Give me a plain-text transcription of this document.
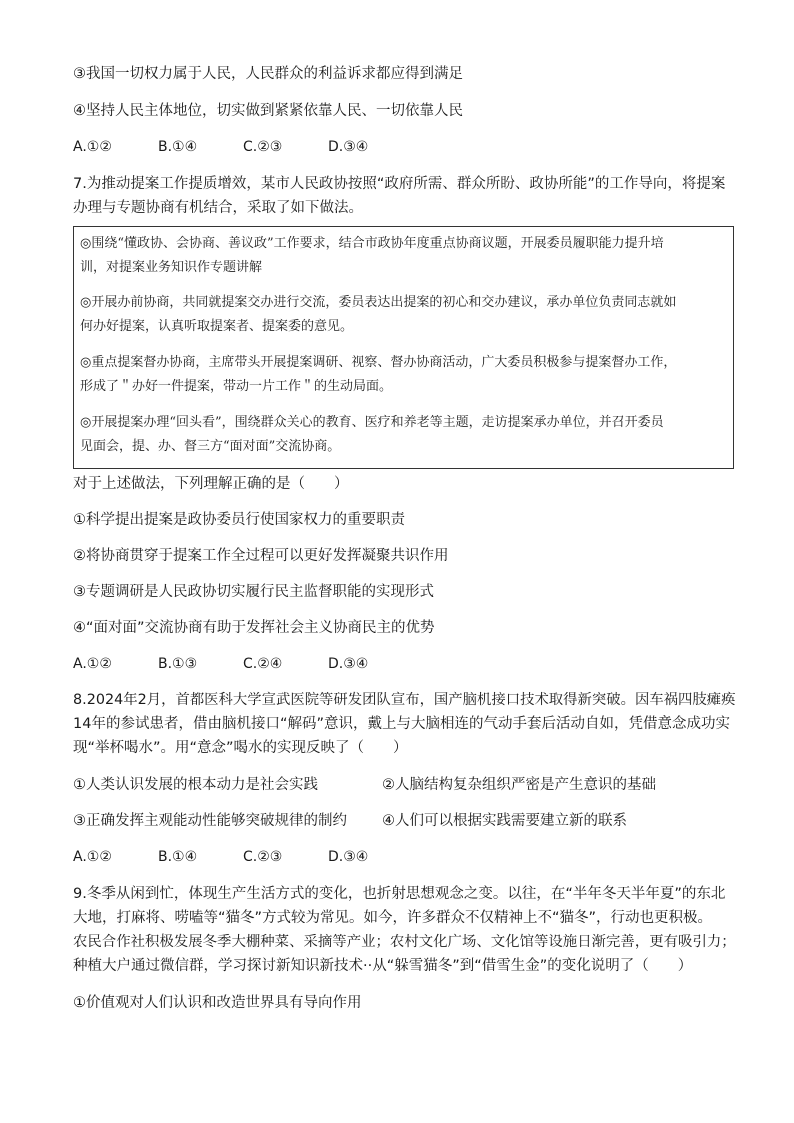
③我国一切权力属于人民，人民群众的利益诉求都应得到满足
④坚持人民主体地位，切实做到紧紧依靠人民、一切依靠人民
A.①②	B.①④	C.②③	D.③④
7.为推动提案工作提质增效，某市人民政协按照“政府所需、群众所盼、政协所能”的工作导向，将提案
办理与专题协商有机结合，采取了如下做法。
◎围绕“懂政协、会协商、善议政”工作要求，结合市政协年度重点协商议题，开展委员履职能力提升培
训，对提案业务知识作专题讲解
◎开展办前协商，共同就提案交办进行交流，委员表达出提案的初心和交办建议，承办单位负责同志就如
何办好提案，认真听取提案者、提案委的意见。
◎重点提案督办协商，主席带头开展提案调研、视察、督办协商活动，广大委员积极参与提案督办工作，
形成了＂办好一件提案，带动一片工作＂的生动局面。
◎开展提案办理“回头看”，围绕群众关心的教育、医疗和养老等主题，走访提案承办单位，并召开委员
见面会，提、办、督三方“面对面”交流协商。
对于上述做法，下列理解正确的是（　　）
①科学提出提案是政协委员行使国家权力的重要职责
②将协商贯穿于提案工作全过程可以更好发挥凝聚共识作用
③专题调研是人民政协切实履行民主监督职能的实现形式
④“面对面”交流协商有助于发挥社会主义协商民主的优势
A.①②	B.①③	C.②④	D.③④
8.2024年2月，首都医科大学宣武医院等研发团队宣布，国产脑机接口技术取得新突破。因车祸四肢瘫痪
14年的参试患者，借由脑机接口“解码”意识，戴上与大脑相连的气动手套后活动自如，凭借意念成功实
现“举杯喝水”。用“意念”喝水的实现反映了（　　）
①人类认识发展的根本动力是社会实践	②人脑结构复杂组织严密是产生意识的基础
③正确发挥主观能动性能够突破规律的制约 ④人们可以根据实践需要建立新的联系
A.①②	B.①④	C.②③	D.③④
9.冬季从闲到忙，体现生产生活方式的变化，也折射思想观念之变。以往，在“半年冬天半年夏”的东北
大地，打麻将、唠嗑等“猫冬”方式较为常见。如今，许多群众不仅精神上不“猫冬”，行动也更积极。
农民合作社积极发展冬季大棚种菜、采摘等产业；农村文化广场、文化馆等设施日渐完善，更有吸引力；
种植大户通过微信群，学习探讨新知识新技术··从“躲雪猫冬”到“借雪生金”的变化说明了（　　）
①价值观对人们认识和改造世界具有导向作用
